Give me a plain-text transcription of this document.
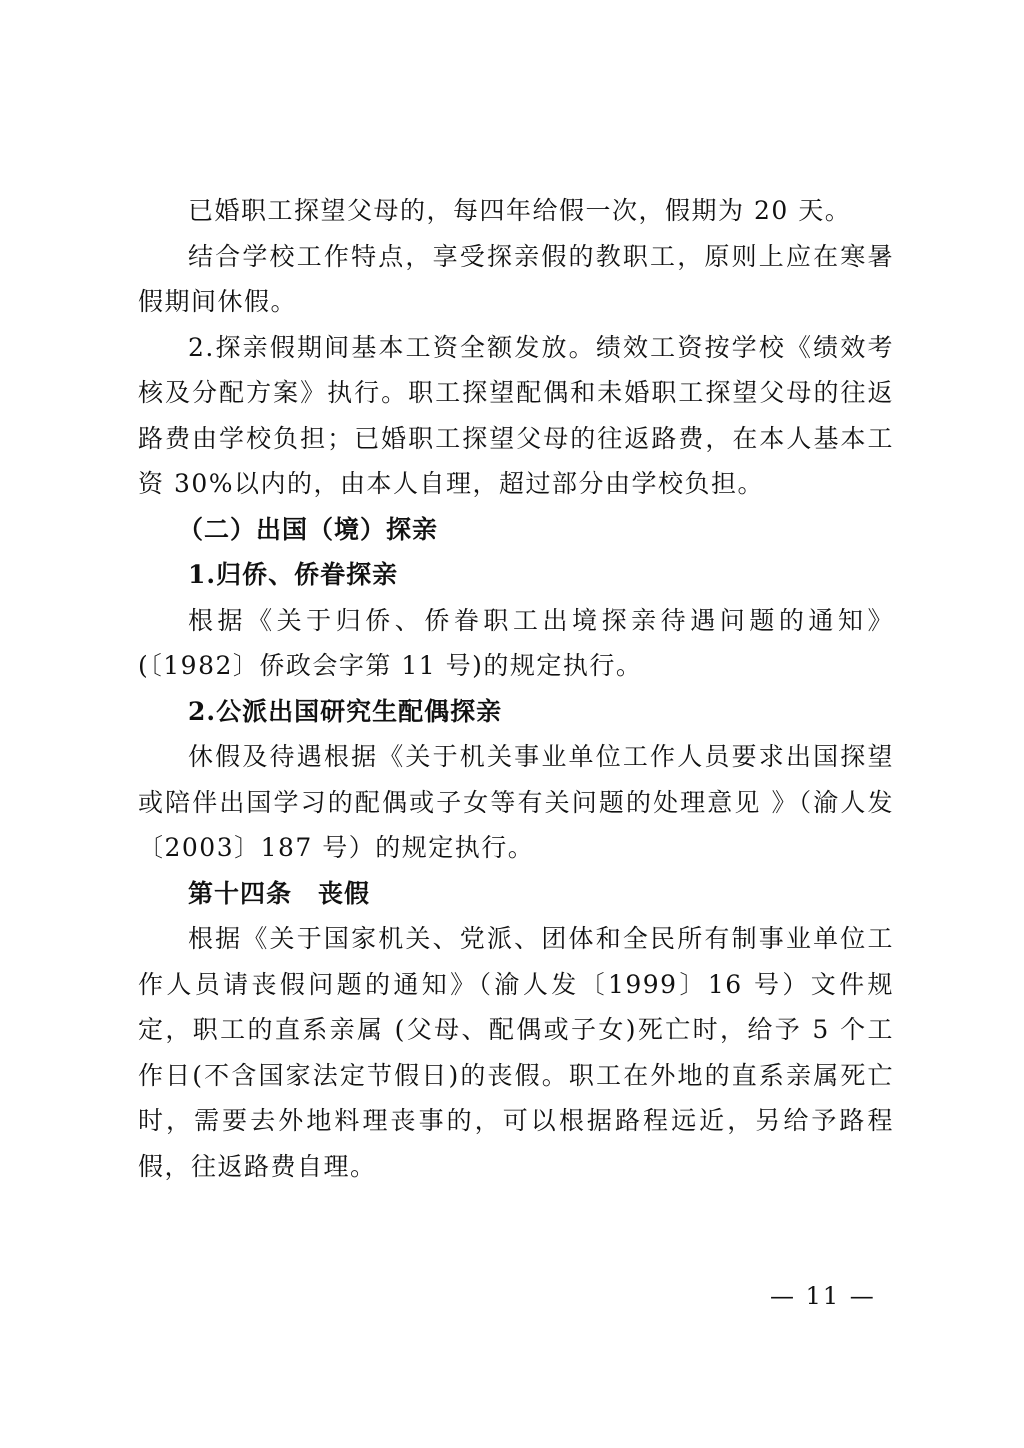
已婚职工探望父母的，每四年给假一次，假期为 20 天。

结合学校工作特点，享受探亲假的教职工，原则上应在寒暑假期间休假。

2.探亲假期间基本工资全额发放。绩效工资按学校《绩效考核及分配方案》执行。职工探望配偶和未婚职工探望父母的往返路费由学校负担；已婚职工探望父母的往返路费，在本人基本工资 30%以内的，由本人自理，超过部分由学校负担。

（二）出国（境）探亲

1.归侨、侨眷探亲

根据《关于归侨、侨眷职工出境探亲待遇问题的通知》(〔1982〕侨政会字第 11 号)的规定执行。

2.公派出国研究生配偶探亲

休假及待遇根据《关于机关事业单位工作人员要求出国探望或陪伴出国学习的配偶或子女等有关问题的处理意见 》（渝人发〔2003〕187 号）的规定执行。

第十四条　丧假

根据《关于国家机关、党派、团体和全民所有制事业单位工作人员请丧假问题的通知》（渝人发〔1999〕16 号）文件规定，职工的直系亲属 (父母、配偶或子女)死亡时，给予 5 个工作日(不含国家法定节假日)的丧假。职工在外地的直系亲属死亡时，需要去外地料理丧事的，可以根据路程远近，另给予路程假，往返路费自理。

— 11 —
